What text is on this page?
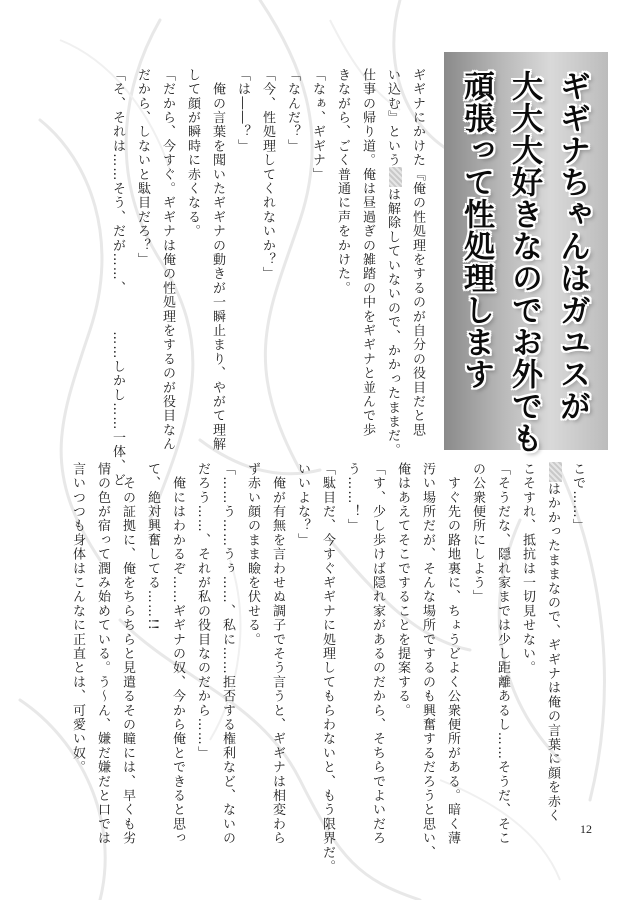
ギギナちゃんはガユスが
大大大好きなのでお外でも
頑張って性処理します

ギギナにかけた『俺の性処理をするのが自分の役目だと思

い込む』というは解除していないので、かかったままだ。

仕事の帰り道。俺は昼過ぎの雑踏の中をギギナと並んで歩

きながら、ごく普通に声をかけた。

「なぁ、ギギナ」

「なんだ？」

「今、性処理してくれないか？」

「は――？」

　俺の言葉を聞いたギギナの動きが一瞬止まり、やがて理解

して顔が瞬時に赤くなる。

「だから、今すぐ。ギギナは俺の性処理をするのが役目なん

だから、しないと駄目だろ？」

「そ、それは……そう、だが……、……しかし……一体、ど

こで……」

はかかったままなので、ギギナは俺の言葉に顔を赤く

こそすれ、抵抗は一切見せない。

「そうだな、隠れ家までは少し距離あるし……そうだ、そこ

の公衆便所にしよう」

　すぐ先の路地裏に、ちょうどよく公衆便所がある。暗く薄

汚い場所だが、そんな場所でするのも興奮するだろうと思い、

俺はあえてそこですることを提案する。

「す、少し歩けば隠れ家があるのだから、そちらでよいだろ

う……！」

「駄目だ、今すぐギギナに処理してもらわないと、もう限界だ。

いいよな？」

　俺が有無を言わせぬ調子でそう言うと、ギギナは相変わら

ず赤い顔のまま瞼を伏せる。

「……う……うぅ……、私に……拒否する権利など、ないの

だろう……、それが私の役目なのだから……」

　俺にはわかるぞ……ギギナの奴、今から俺とできると思っ

て、絶対興奮してる……!!

　その証拠に、俺をちらちらと見遣るその瞳には、早くも劣

情の色が宿って潤み始めている。う～ん、嫌だ嫌だと口では

言いつつも身体はこんなに正直とは、可愛い奴。

12
